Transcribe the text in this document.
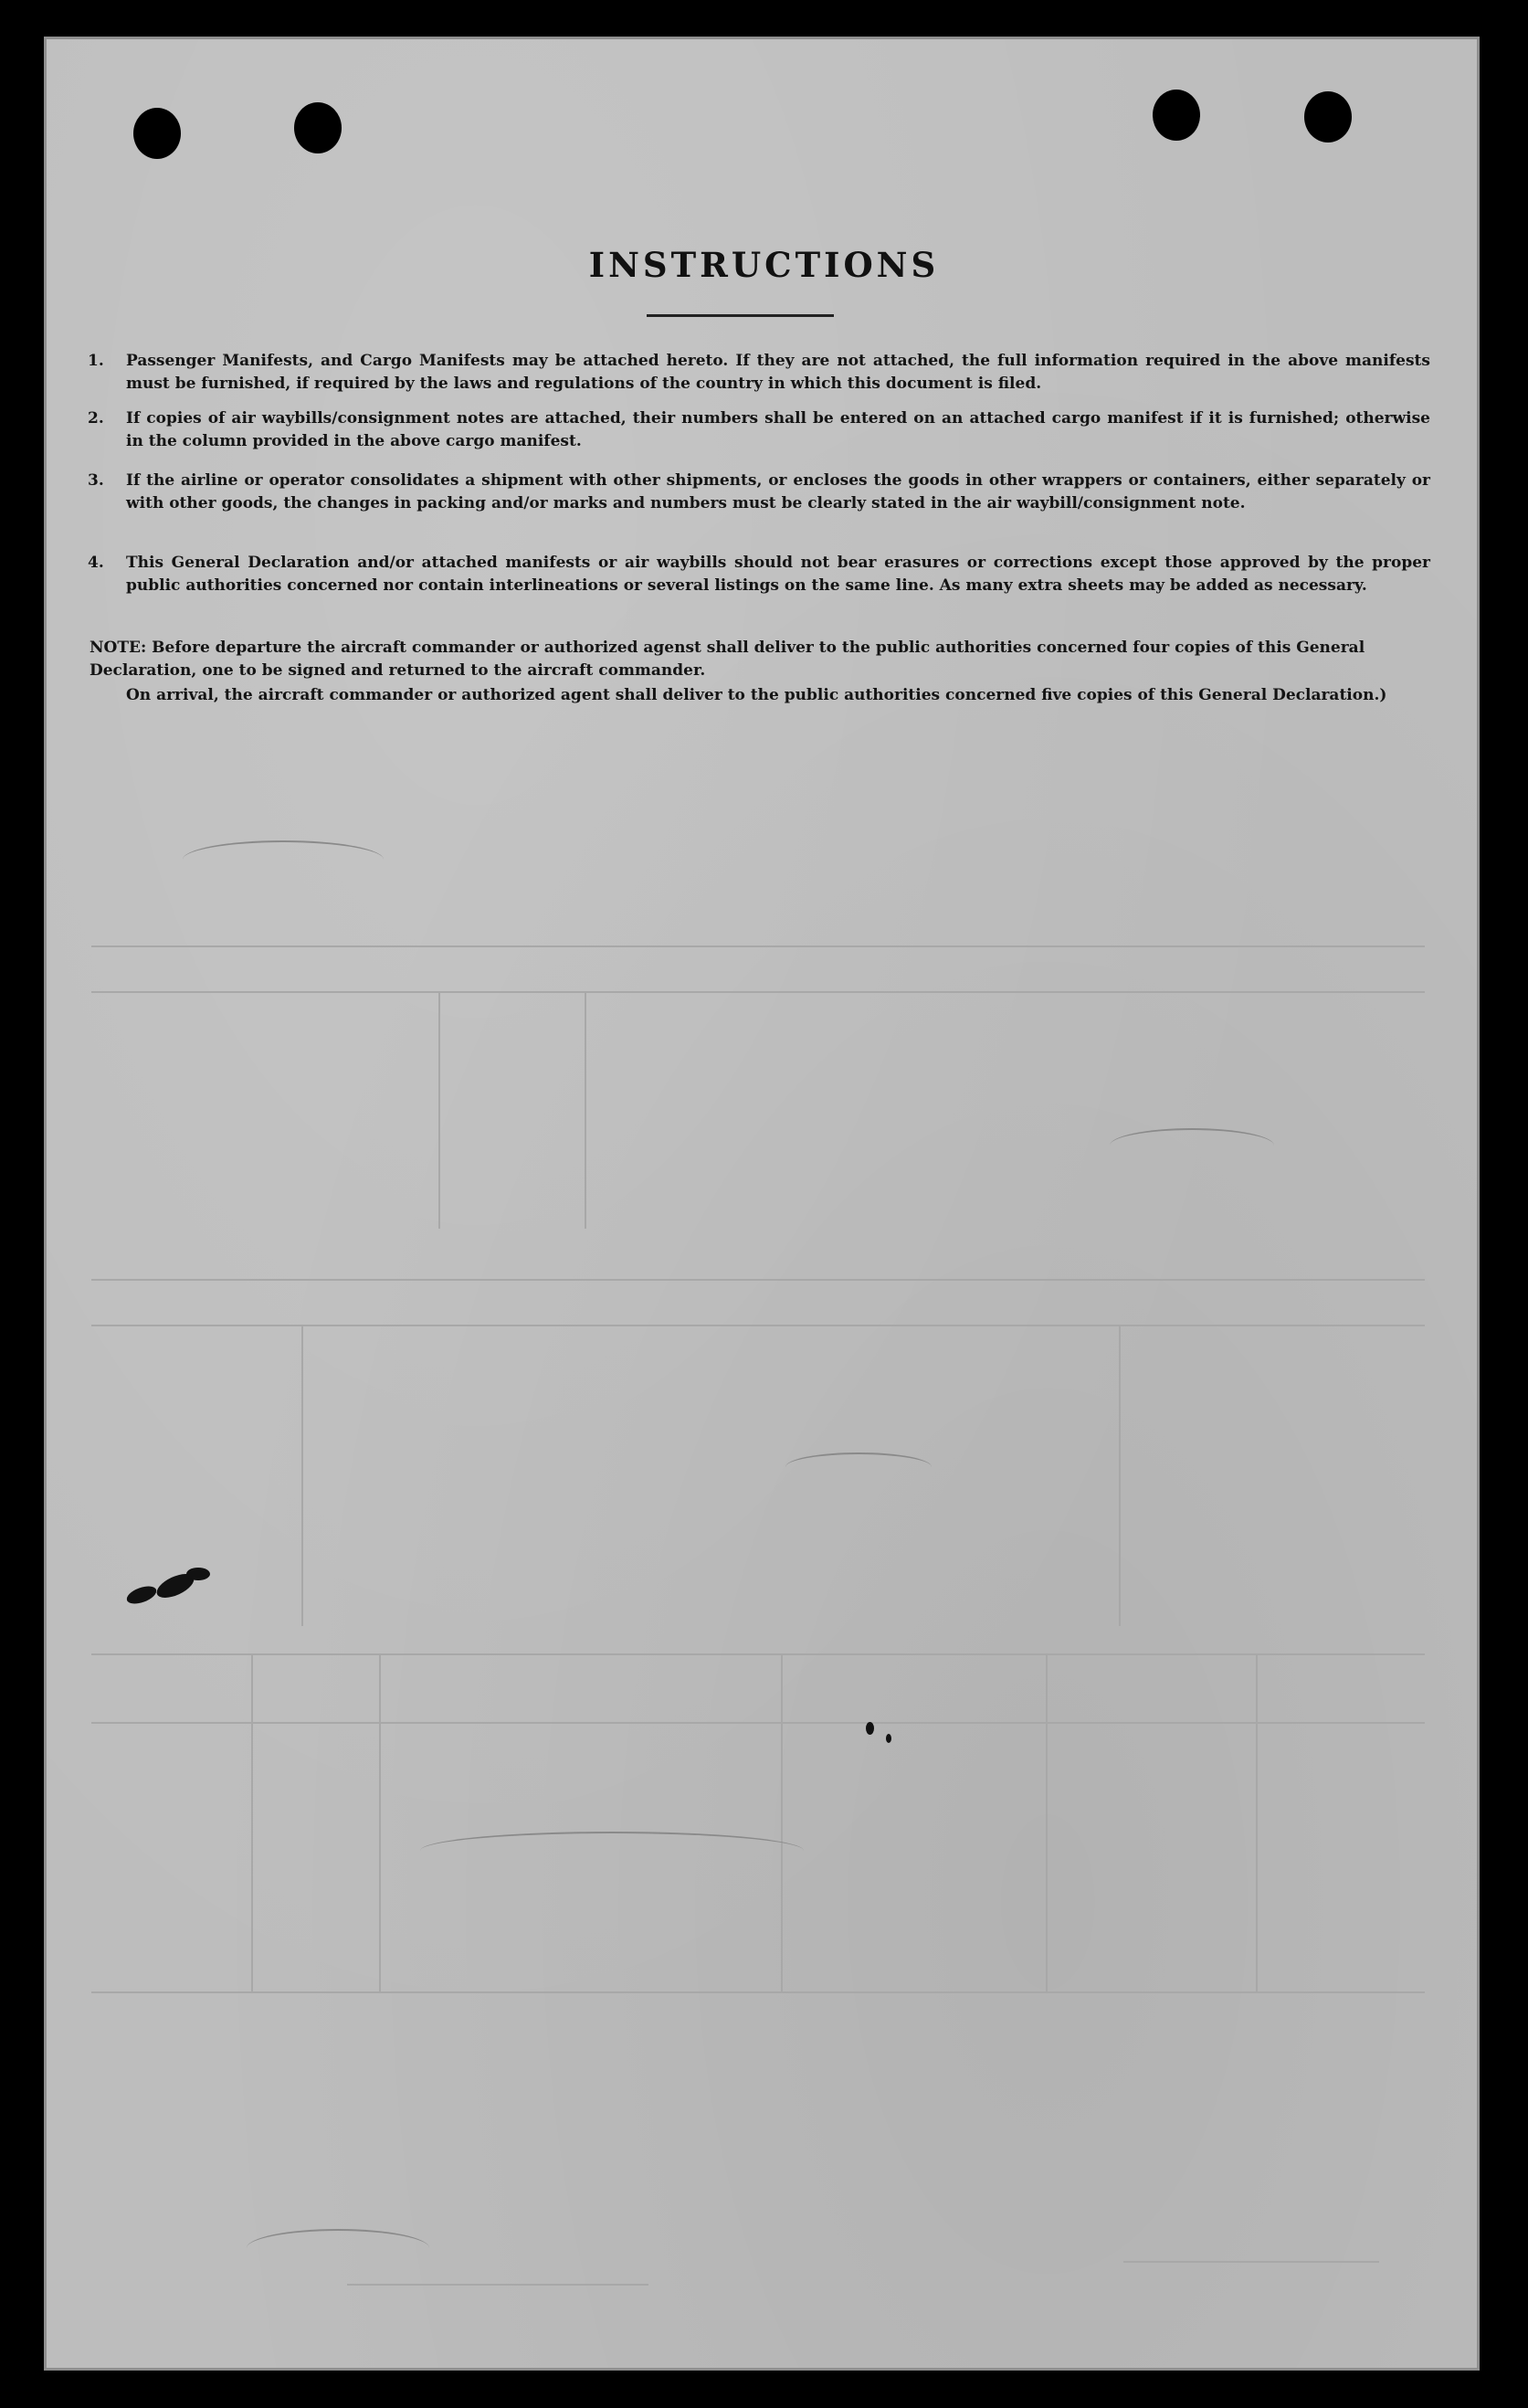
INSTRUCTIONS
1. Passenger Manifests, and Cargo Manifests may be attached hereto. If they are not attached, the full information required in the above manifests must be furnished, if required by the laws and regulations of the country in which this document is filed.
2. If copies of air waybills/consignment notes are attached, their numbers shall be entered on an attached cargo manifest if it is furnished; otherwise in the column provided in the above cargo manifest.
3. If the airline or operator consolidates a shipment with other shipments, or encloses the goods in other wrappers or containers, either separately or with other goods, the changes in packing and/or marks and numbers must be clearly stated in the air waybill/consignment note.
4. This General Declaration and/or attached manifests or air waybills should not bear erasures or corrections except those approved by the proper public authorities concerned nor contain interlineations or several listings on the same line. As many extra sheets may be added as necessary.
NOTE: Before departure the aircraft commander or authorized agenst shall deliver to the public authorities concerned four copies of this General Declaration, one to be signed and returned to the aircraft commander.
On arrival, the aircraft commander or authorized agent shall deliver to the public authorities concerned five copies of this General Declaration.)
